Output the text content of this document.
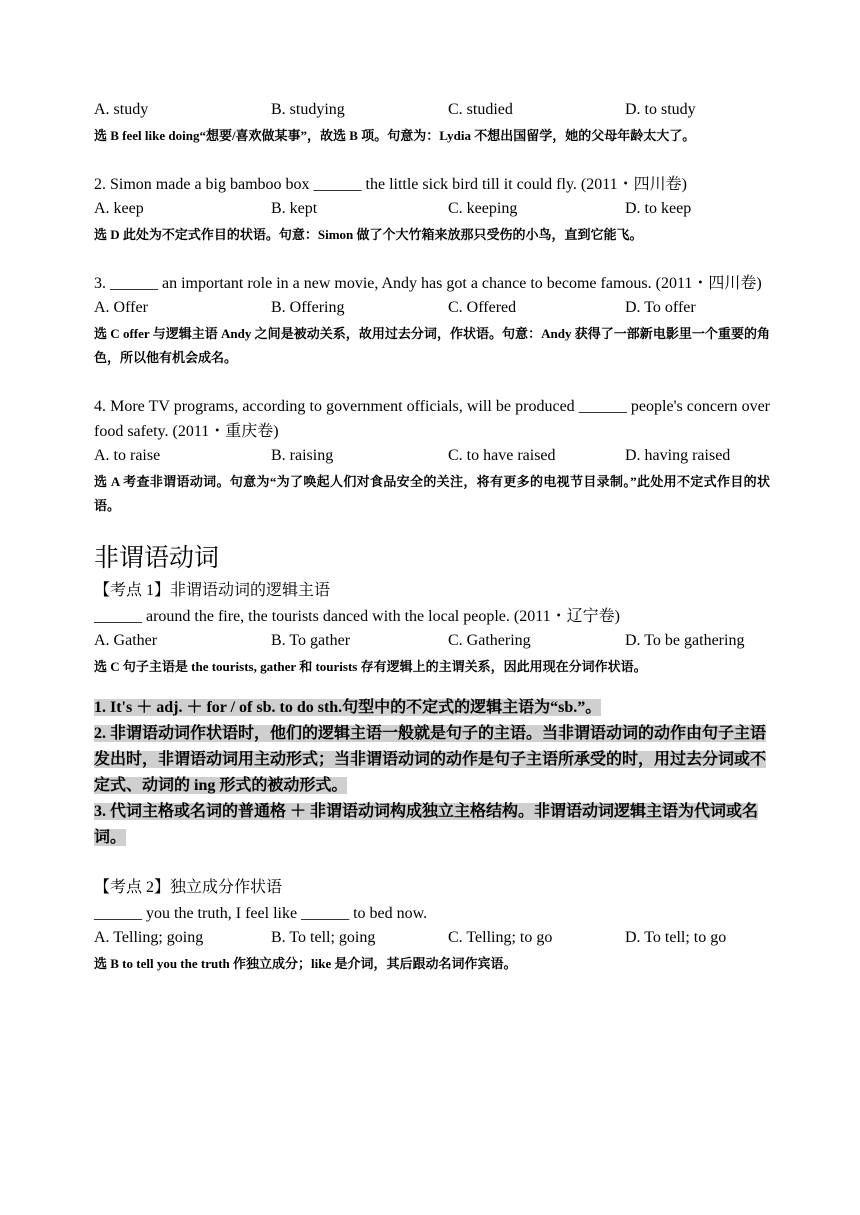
A. study	B. studying	C. studied	D. to study
选 B feel like doing“想要/喜欢做某事”，故选 B 项。句意为：Lydia 不想出国留学，她的父母年龄太大了。
2. Simon made a big bamboo box ______ the little sick bird till it could fly. (2011・四川卷)
A. keep	B. kept	C. keeping	D. to keep
选 D 此处为不定式作目的状语。句意：Simon 做了个大竹箱来放那只受伤的小鸟，直到它能飞。
3. ______ an important role in a new movie, Andy has got a chance to become famous. (2011・四川卷)
A. Offer	B. Offering	C. Offered	D. To offer
选 C offer 与逻辑主语 Andy 之间是被动关系，故用过去分词，作状语。句意：Andy 获得了一部新电影里一个重要的角色，所以他有机会成名。
4. More TV programs, according to government officials, will be produced ______ people's concern over food safety. (2011・重庆卷)
A. to raise	B. raising	C. to have raised	D. having raised
选 A 考查非谓语动词。句意为“为了唤起人们对食品安全的关注，将有更多的电视节目录制。”此处用不定式作目的状语。
非谓语动词
【考点 1】非谓语动词的逻辑主语
______ around the fire, the tourists danced with the local people. (2011・辽宁卷)
A. Gather	B. To gather	C. Gathering	D. To be gathering
选 C 句子主语是 the tourists, gather 和 tourists 存有逻辑上的主谓关系，因此用现在分词作状语。
1. It's ＋ adj. ＋ for / of sb. to do sth.句型中的不定式的逻辑主语为“sb.”。
2. 非谓语动词作状语时，他们的逻辑主语一般就是句子的主语。当非谓语动词的动作由句子主语发出时，非谓语动词用主动形式；当非谓语动词的动作是句子主语所承受的时，用过去分词或不定式、动词的 ing 形式的被动形式。
3. 代词主格或名词的普通格 ＋ 非谓语动词构成独立主格结构。非谓语动词逻辑主语为代词或名词。
【考点 2】独立成分作状语
______ you the truth, I feel like ______ to bed now.
A. Telling; going	B. To tell; going	C. Telling; to go	D. To tell; to go
选 B to tell you the truth 作独立成分；like 是介词，其后跟动名词作宾语。
